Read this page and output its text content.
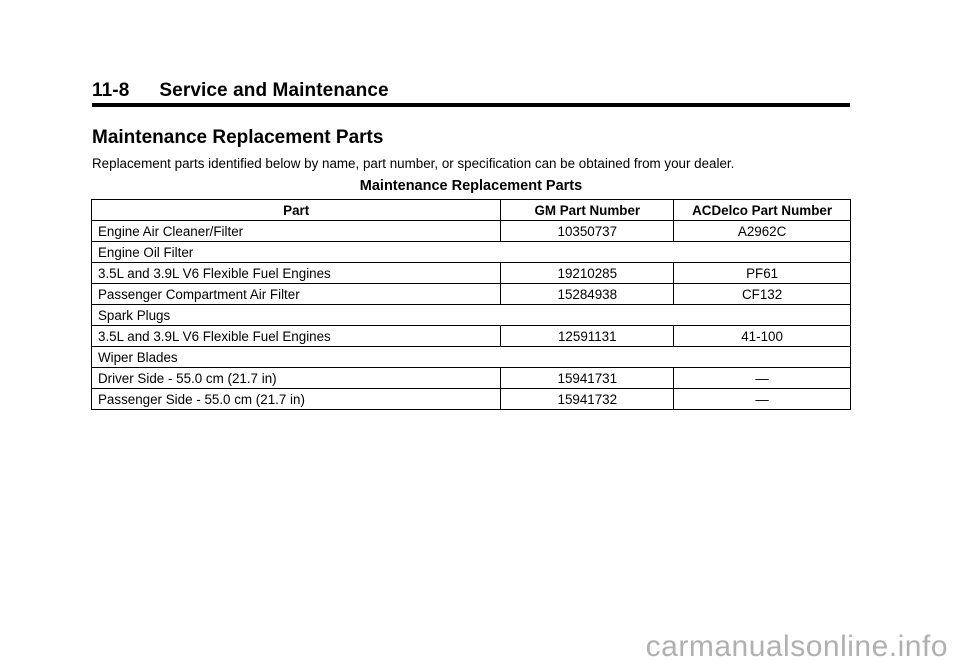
11-8 Service and Maintenance
Maintenance Replacement Parts
Replacement parts identified below by name, part number, or specification can be obtained from your dealer.
Maintenance Replacement Parts
Part	GM Part Number	ACDelco Part Number
Engine Air Cleaner/Filter	10350737	A2962C
Engine Oil Filter		
3.5L and 3.9L V6 Flexible Fuel Engines	19210285	PF61
Passenger Compartment Air Filter	15284938	CF132
Spark Plugs		
3.5L and 3.9L V6 Flexible Fuel Engines	12591131	41-100
Wiper Blades		
Driver Side - 55.0 cm (21.7 in)	15941731	—
Passenger Side - 55.0 cm (21.7 in)	15941732	—
carmanualsonline.info
